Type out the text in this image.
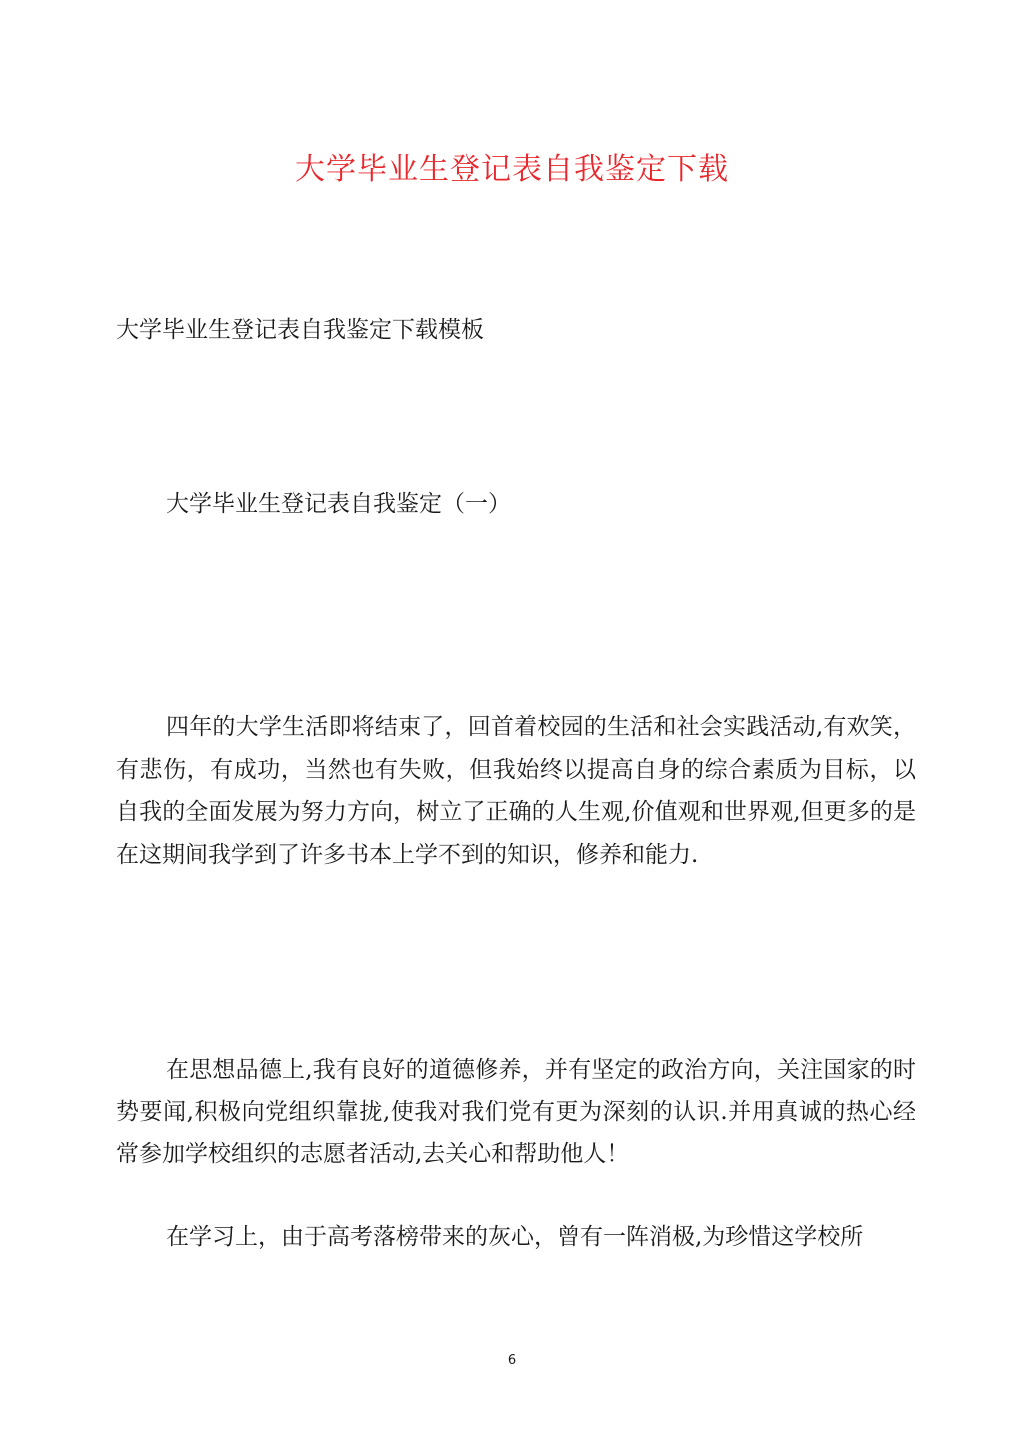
大学毕业生登记表自我鉴定下载
大学毕业生登记表自我鉴定下载模板
大学毕业生登记表自我鉴定（一）

四年的大学生活即将结束了，回首着校园的生活和社会实践活动,有欢笑，有悲伤，有成功，当然也有失败，但我始终以提高自身的综合素质为目标，以自我的全面发展为努力方向，树立了正确的人生观,价值观和世界观,但更多的是在这期间我学到了许多书本上学不到的知识，修养和能力.

在思想品德上,我有良好的道德修养，并有坚定的政治方向，关注国家的时势要闻,积极向党组织靠拢,使我对我们党有更为深刻的认识.并用真诚的热心经常参加学校组织的志愿者活动,去关心和帮助他人！

在学习上，由于高考落榜带来的灰心，曾有一阵消极,为珍惜这学校所

6
